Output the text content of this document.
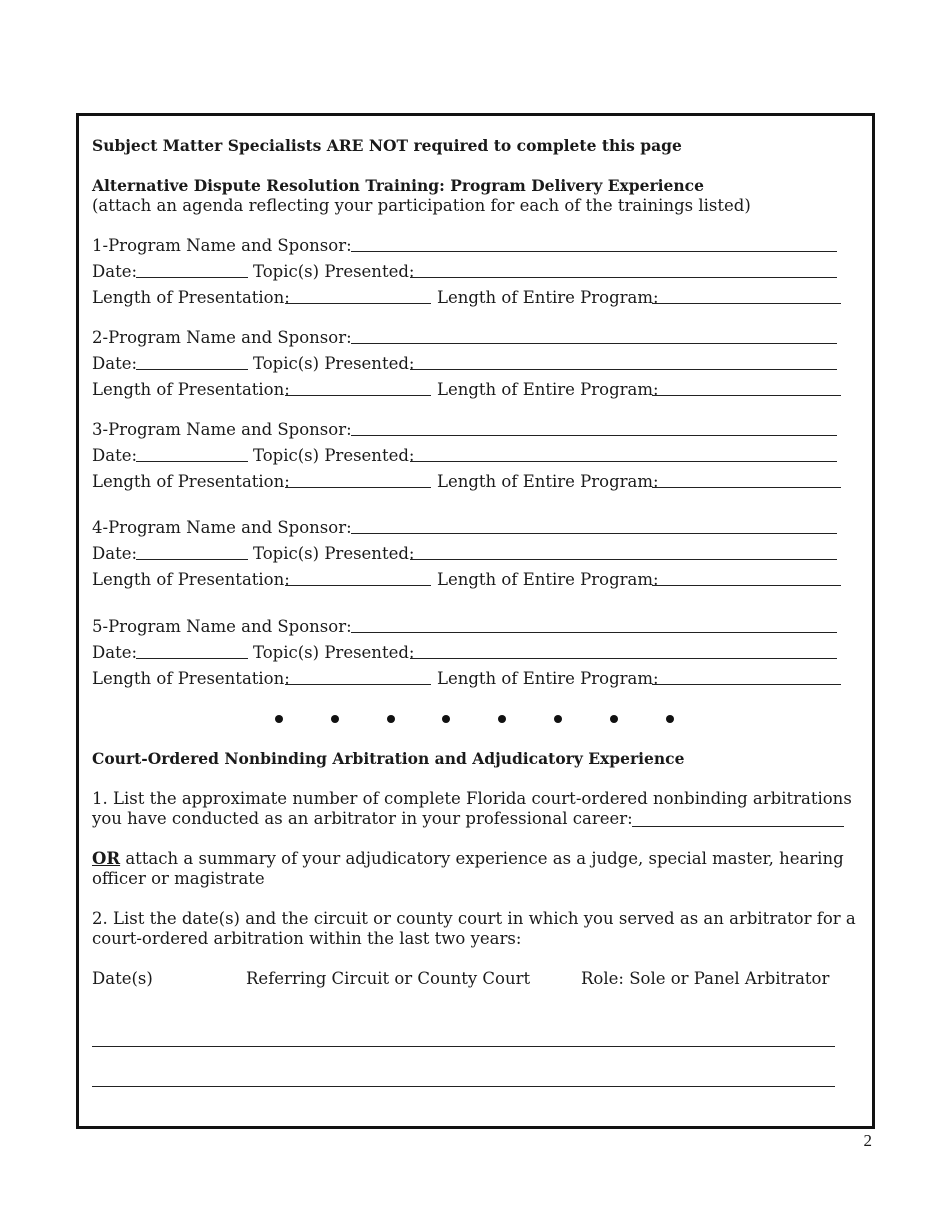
Subject Matter Specialists ARE NOT required to complete this page
Alternative Dispute Resolution Training: Program Delivery Experience
(attach an agenda reflecting your participation for each of the trainings listed)
1-Program Name and Sponsor:
Date:	Topic(s) Presented:
Length of Presentation:	Length of Entire Program:
2-Program Name and Sponsor:
Date:	Topic(s) Presented:
Length of Presentation:	Length of Entire Program:
3-Program Name and Sponsor:
Date:	Topic(s) Presented:
Length of Presentation:	Length of Entire Program:
4-Program Name and Sponsor:
Date:	Topic(s) Presented:
Length of Presentation:	Length of Entire Program:
5-Program Name and Sponsor:
Date:	Topic(s) Presented:
Length of Presentation:	Length of Entire Program:
Court-Ordered Nonbinding Arbitration and Adjudicatory Experience
1. List the approximate number of complete Florida court-ordered nonbinding arbitrations
you have conducted as an arbitrator in your professional career:
OR attach a summary of your adjudicatory experience as a judge, special master, hearing
officer or magistrate
2. List the date(s) and the circuit or county court in which you served as an arbitrator for a
court-ordered arbitration within the last two years:
Date(s)	Referring Circuit or County Court	Role: Sole or Panel Arbitrator
2
